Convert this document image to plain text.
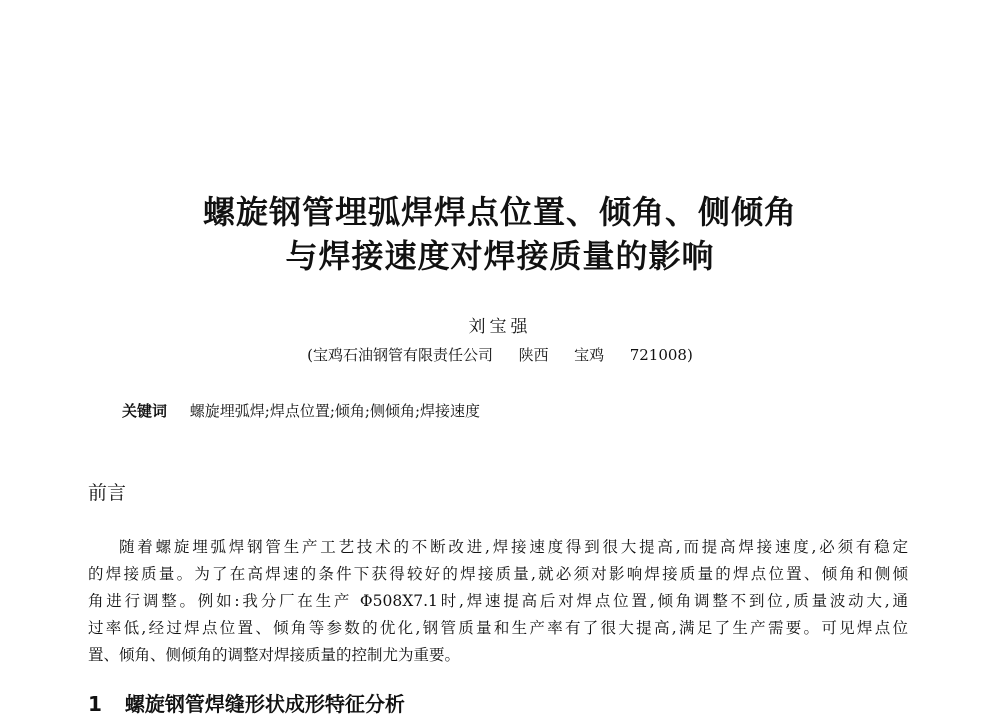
螺旋钢管埋弧焊焊点位置、倾角、侧倾角
与焊接速度对焊接质量的影响
刘宝强
(宝鸡石油钢管有限责任公司 陕西 宝鸡 721008)
关键词 螺旋埋弧焊;焊点位置;倾角;侧倾角;焊接速度
前言
随着螺旋埋弧焊钢管生产工艺技术的不断改进,焊接速度得到很大提高,而提高焊接速度,必须有稳定
的焊接质量。为了在高焊速的条件下获得较好的焊接质量,就必须对影响焊接质量的焊点位置、倾角和侧倾
角进行调整。例如:我分厂在生产 Φ508X7.1时,焊速提高后对焊点位置,倾角调整不到位,质量波动大,通
过率低,经过焊点位置、倾角等参数的优化,钢管质量和生产率有了很大提高,满足了生产需要。可见焊点位
置、倾角、侧倾角的调整对焊接质量的控制尤为重要。
1 螺旋钢管焊缝形状成形特征分析
